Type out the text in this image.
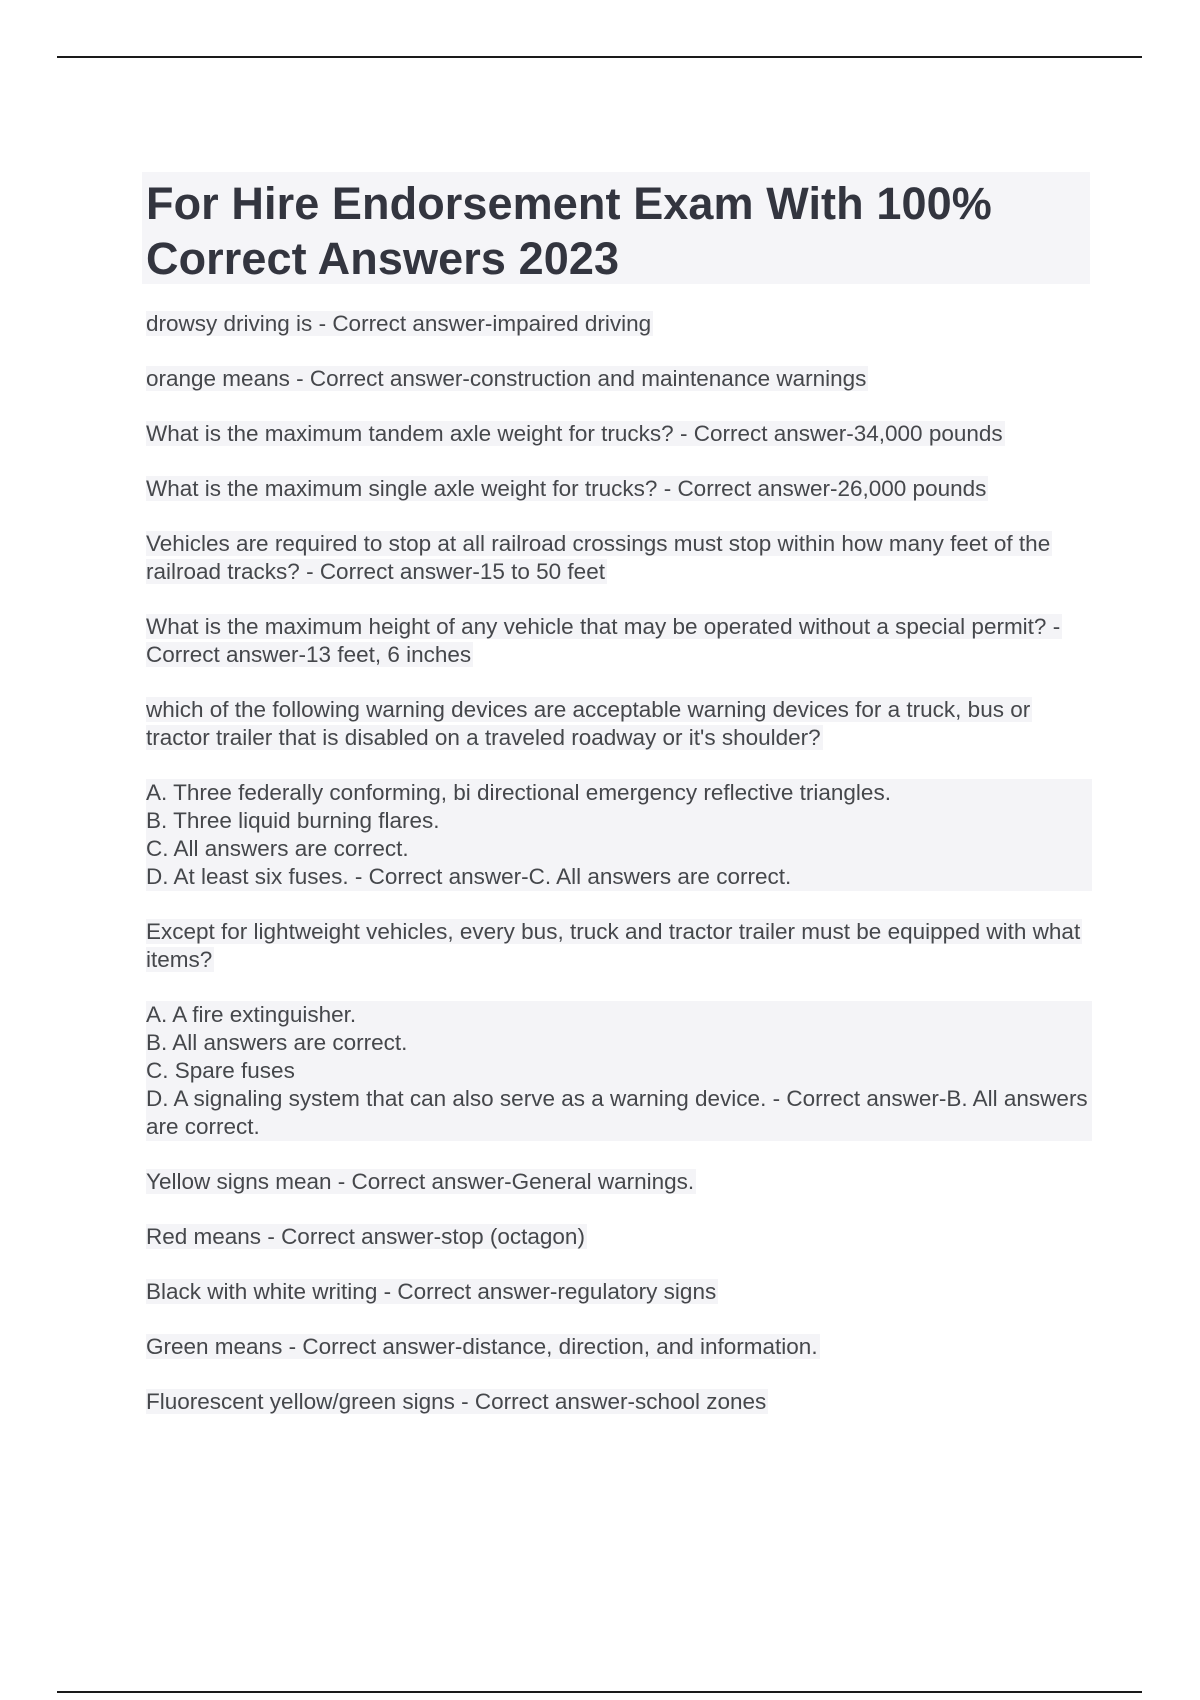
For Hire Endorsement Exam With 100% Correct Answers 2023

drowsy driving is - Correct answer-impaired driving

orange means - Correct answer-construction and maintenance warnings

What is the maximum tandem axle weight for trucks? - Correct answer-34,000 pounds

What is the maximum single axle weight for trucks? - Correct answer-26,000 pounds

Vehicles are required to stop at all railroad crossings must stop within how many feet of the railroad tracks? - Correct answer-15 to 50 feet

What is the maximum height of any vehicle that may be operated without a special permit? - Correct answer-13 feet, 6 inches

which of the following warning devices are acceptable warning devices for a truck, bus or tractor trailer that is disabled on a traveled roadway or it's shoulder?

A. Three federally conforming, bi directional emergency reflective triangles.
B. Three liquid burning flares.
C. All answers are correct.
D. At least six fuses. - Correct answer-C. All answers are correct.

Except for lightweight vehicles, every bus, truck and tractor trailer must be equipped with what items?

A. A fire extinguisher.
B. All answers are correct.
C. Spare fuses
D. A signaling system that can also serve as a warning device. - Correct answer-B. All answers are correct.

Yellow signs mean - Correct answer-General warnings.

Red means - Correct answer-stop (octagon)

Black with white writing - Correct answer-regulatory signs

Green means - Correct answer-distance, direction, and information.

Fluorescent yellow/green signs - Correct answer-school zones
